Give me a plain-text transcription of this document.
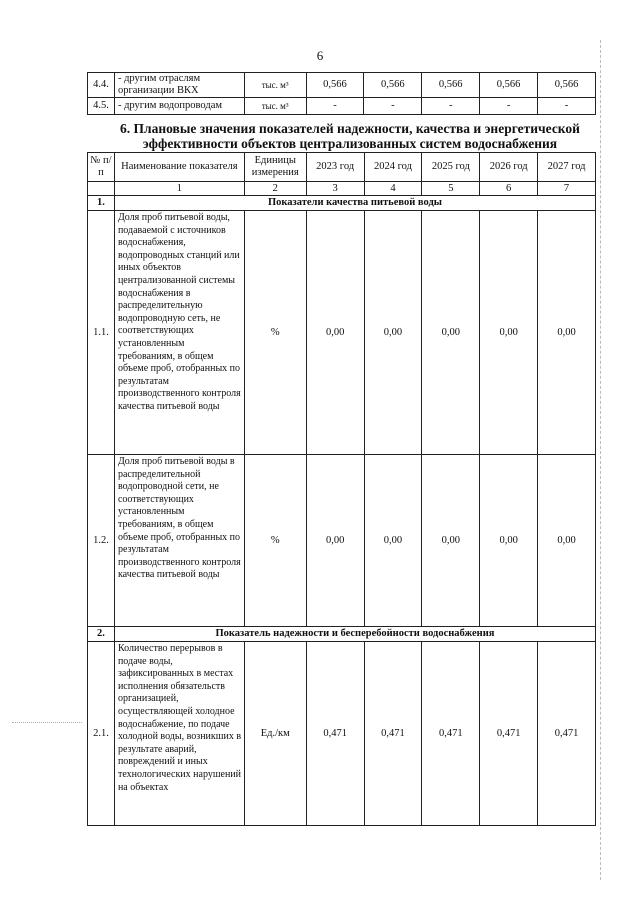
6
4.4.	- другим отраслям организации ВКХ	тыс. м³	0,566	0,566	0,566	0,566	0,566
4.5.	- другим водопроводам	тыс. м³	-	-	-	-	-
6. Плановые значения показателей надежности, качества и энергетической
эффективности объектов централизованных систем водоснабжения
№ п/п	Наименование показателя	Единицы измерения	2023 год	2024 год	2025 год	2026 год	2027 год
	1	2	3	4	5	6	7
1.	Показатели качества питьевой воды						
1.1.	Доля проб питьевой воды, подаваемой с источников водоснабжения, водопроводных станций или иных объектов централизованной системы водоснабжения в распределительную водопроводную сеть, не соответствующих установленным требованиям, в общем объеме проб, отобранных по результатам производственного контроля качества питьевой воды	%	0,00	0,00	0,00	0,00	0,00
1.2.	Доля проб питьевой воды в распределительной водопроводной сети, не соответствующих установленным требованиям, в общем объеме проб, отобранных по результатам производственного контроля качества питьевой воды	%	0,00	0,00	0,00	0,00	0,00
2.	Показатель надежности и бесперебойности водоснабжения						
2.1.	Количество перерывов в подаче воды, зафиксированных в местах исполнения обязательств организацией, осуществляющей холодное водоснабжение, по подаче холодной воды, возникших в результате аварий, повреждений и иных технологических нарушений на объектах	Ед./км	0,471	0,471	0,471	0,471	0,471
